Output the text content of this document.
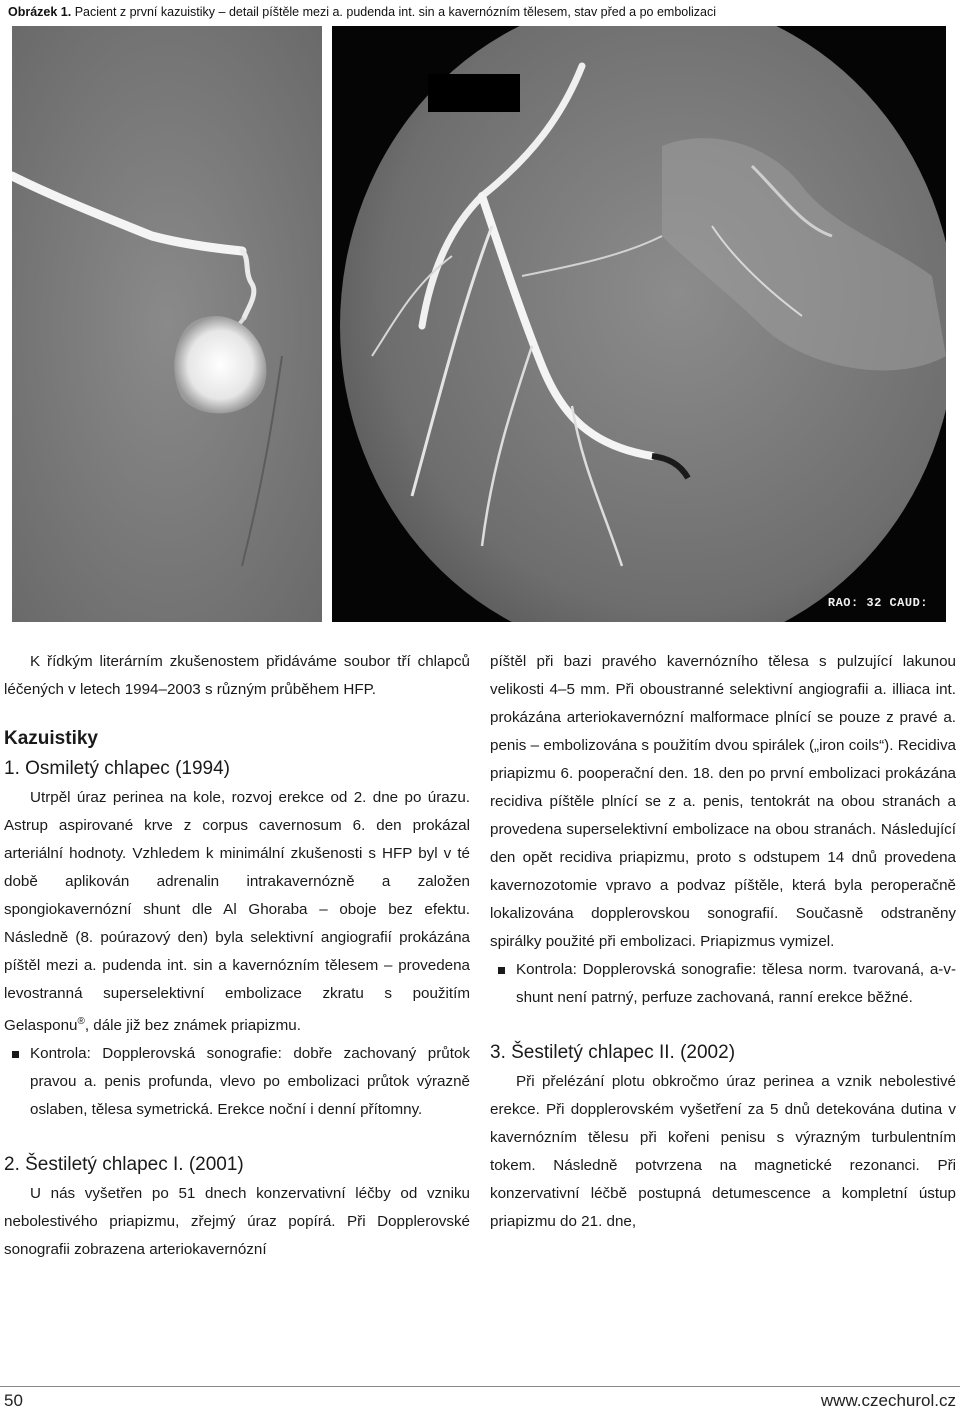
Obrázek 1. Pacient z první kazuistiky – detail píštěle mezi a. pudenda int. sin a kavernózním tělesem, stav před a po embolizaci
RAO: 32 CAUD:

K řídkým literárním zkušenostem přidáváme soubor tří chlapců léčených v letech 1994–2003 s různým průběhem HFP.

Kazuistiky
1. Osmiletý chlapec (1994)

Utrpěl úraz perinea na kole, rozvoj erekce od 2. dne po úrazu. Astrup aspirované krve z corpus cavernosum 6. den prokázal arteriální hodnoty. Vzhledem k minimální zkušenosti s HFP byl v té době aplikován adrenalin intrakavernózně a založen spongiokavernózní shunt dle Al Ghoraba – oboje bez efektu. Následně (8. poúrazový den) byla selektivní angiografií prokázána píštěl mezi a. pudenda int. sin a kavernózním tělesem – provedena levostranná superselektivní embolizace zkratu s použitím Gelasponu®, dále již bez známek priapizmu.

Kontrola: Dopplerovská sonografie: dobře zachovaný průtok pravou a. penis profunda, vlevo po embolizaci průtok výrazně oslaben, tělesa symetrická. Erekce noční i denní přítomny.

2. Šestiletý chlapec I. (2001)

U nás vyšetřen po 51 dnech konzervativní léčby od vzniku nebolestivého priapizmu, zřejmý úraz popírá. Při Dopplerovské sonografii zobrazena arteriokavernózní

píštěl při bazi pravého kavernózního tělesa s pulzující lakunou velikosti 4–5 mm. Při oboustranné selektivní angiografii a. illiaca int. prokázána arteriokavernózní malformace plnící se pouze z pravé a. penis – embolizována s použitím dvou spirálek („iron coils“). Recidiva priapizmu 6. pooperační den. 18. den po první embolizaci prokázána recidiva píštěle plnící se z a. penis, tentokrát na obou stranách a provedena superselektivní embolizace na obou stranách. Následující den opět recidiva priapizmu, proto s odstupem 14 dnů provedena kavernozotomie vpravo a podvaz píštěle, která byla peroperačně lokalizována dopplerovskou sonografií. Současně odstraněny spirálky použité při embolizaci. Priapizmus vymizel.

Kontrola: Dopplerovská sonografie: tělesa norm. tvarovaná, a-v-shunt není patrný, perfuze zachovaná, ranní erekce běžné.

3. Šestiletý chlapec II. (2002)

Při přelézání plotu obkročmo úraz perinea a vznik nebolestivé erekce. Při dopplerovském vyšetření za 5 dnů detekována dutina v kavernózním tělesu při kořeni penisu s výrazným turbulentním tokem. Následně potvrzena na magnetické rezonanci. Při konzervativní léčbě postupná detumescence a kompletní ústup priapizmu do 21. dne,

50	www.czechurol.cz
